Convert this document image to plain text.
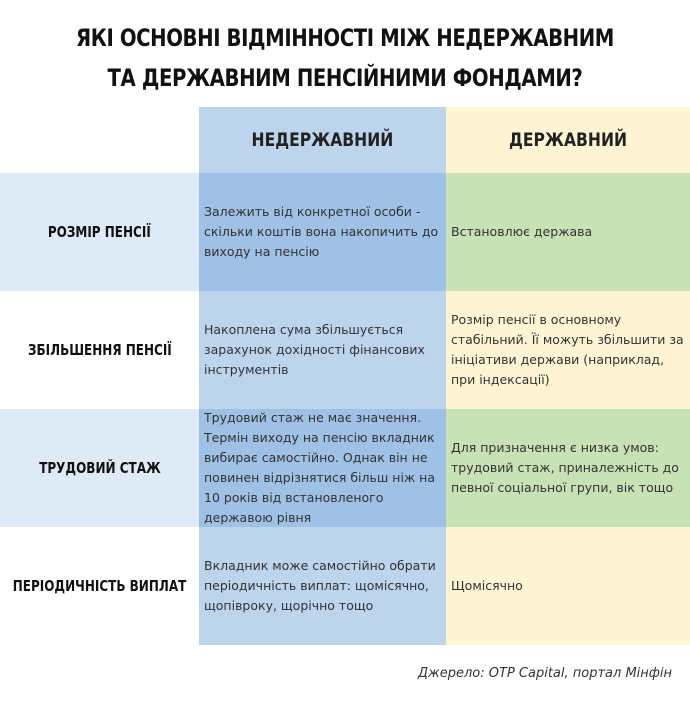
ЯКІ ОСНОВНІ ВІДМІННОСТІ МІЖ НЕДЕРЖАВНИМ
ТА ДЕРЖАВНИМ ПЕНСІЙНИМИ ФОНДАМИ?
НЕДЕРЖАВНИЙ	ДЕРЖАВНИЙ
РОЗМІР ПЕНСІЇ
Залежить від конкретної особи -
скільки коштів вона накопичить до
виходу на пенсію
Встановлює держава
ЗБІЛЬШЕННЯ ПЕНСІЇ
Накоплена сума збільшується
зарахунок дохідності фінансових
інструментів
Розмір пенсії в основному
стабільний. Її можуть збільшити за
ініціативи держави (наприклад,
при індексації)
ТРУДОВИЙ СТАЖ
Трудовий стаж не має значення.
Термін виходу на пенсію вкладник
вибирає самостійно. Однак він не
повинен відрізнятися більш ніж на
10 років від встановленого
державою рівня
Для призначення є низка умов:
трудовий стаж, приналежність до
певної соціальної групи, вік тощо
ПЕРІОДИЧНІСТЬ ВИПЛАТ
Вкладник може самостійно обрати
періодичність виплат: щомісячно,
щопівроку, щорічно тощо
Щомісячно
Джерело: OTP Capital, портал Мінфін
